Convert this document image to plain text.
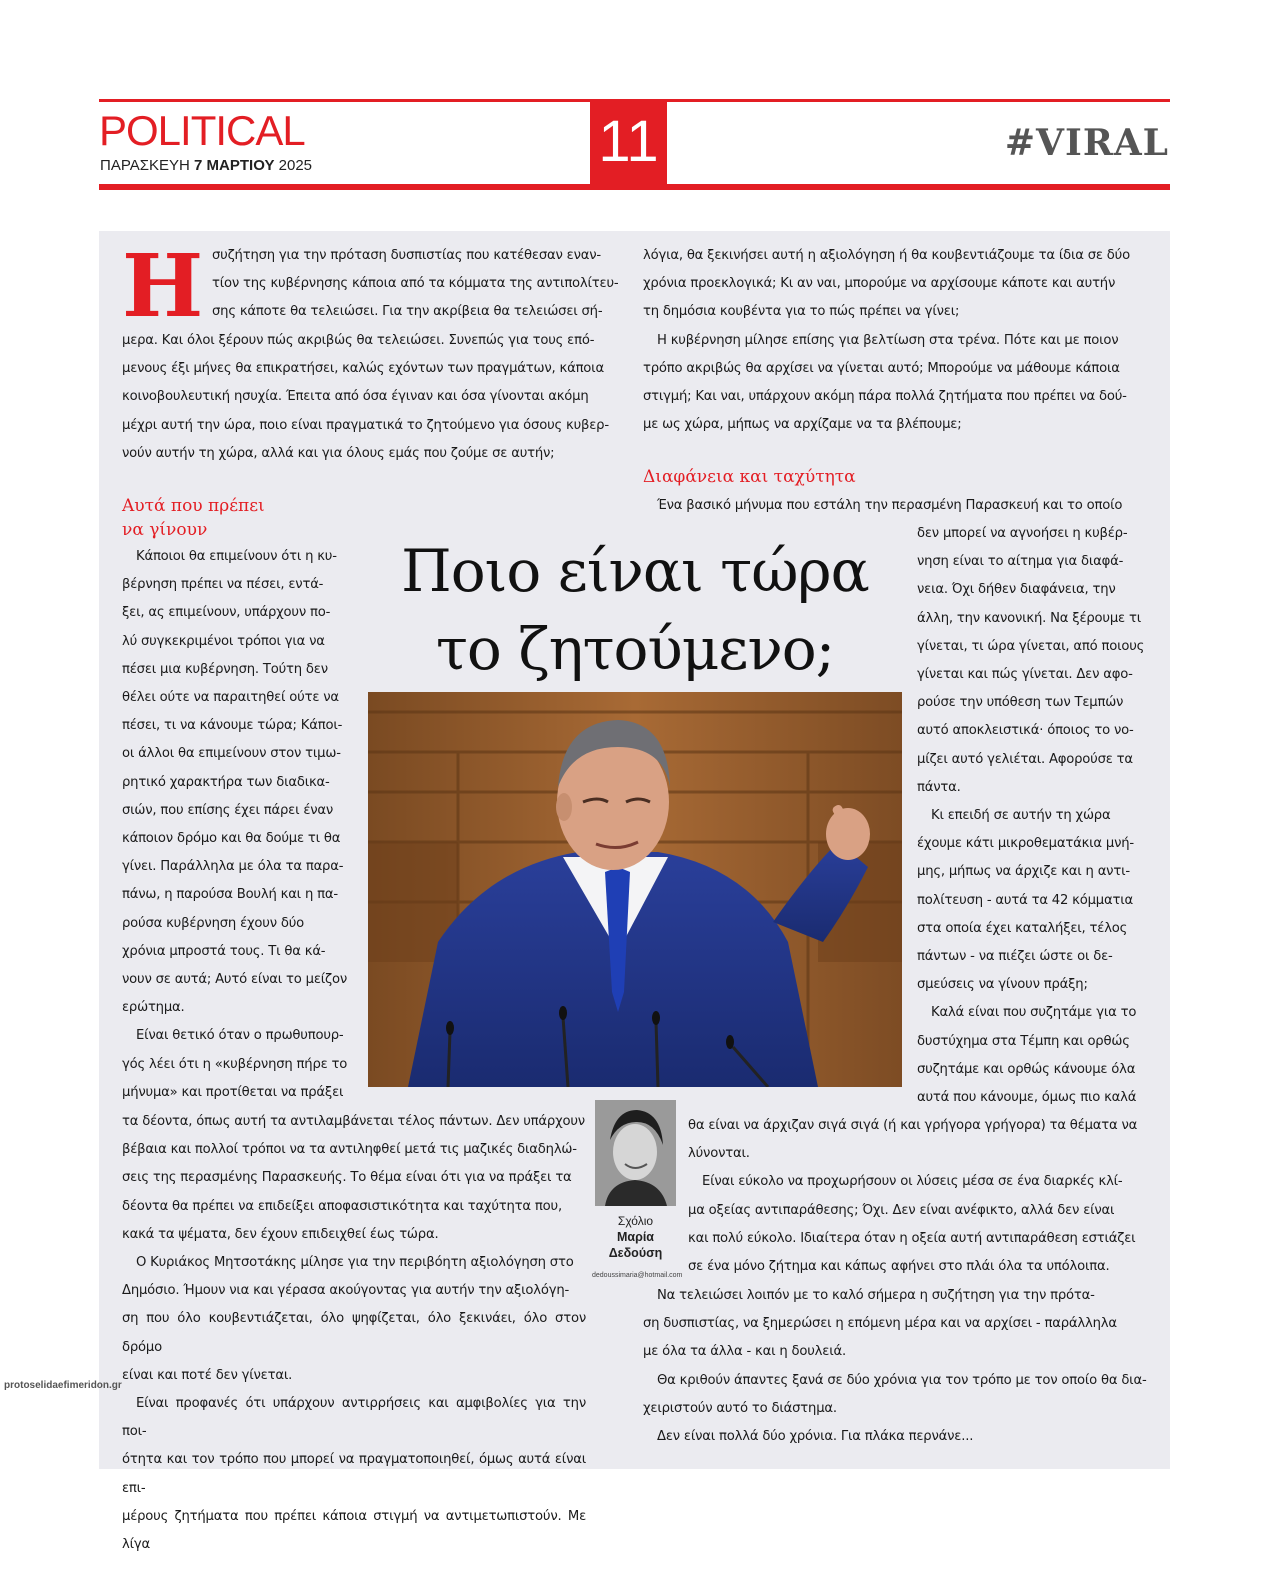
POLITICAL
ΠΑΡΑΣΚΕΥΗ 7 ΜΑΡΤΙΟΥ 2025	11	#VIRAL
Η συζήτηση για την πρόταση δυσπιστίας που κατέθεσαν εναν-

τίον της κυβέρνησης κάποια από τα κόμματα της αντιπολίτευ-

σης κάποτε θα τελειώσει. Για την ακρίβεια θα τελειώσει σή-

μερα. Και όλοι ξέρουν πώς ακριβώς θα τελειώσει. Συνεπώς για τους επό-

μενους έξι μήνες θα επικρατήσει, καλώς εχόντων των πραγμάτων, κάποια

κοινοβουλευτική ησυχία. Έπειτα από όσα έγιναν και όσα γίνονται ακόμη

μέχρι αυτή την ώρα, ποιο είναι πραγματικά το ζητούμενο για όσους κυβερ-

νούν αυτήν τη χώρα, αλλά και για όλους εμάς που ζούμε σε αυτήν;

Αυτά που πρέπει
να γίνουν

Κάποιοι θα επιμείνουν ότι η κυ-

βέρνηση πρέπει να πέσει, εντά-

ξει, ας επιμείνουν, υπάρχουν πο-

λύ συγκεκριμένοι τρόποι για να

πέσει μια κυβέρνηση. Τούτη δεν

θέλει ούτε να παραιτηθεί ούτε να

πέσει, τι να κάνουμε τώρα; Κάποι-

οι άλλοι θα επιμείνουν στον τιμω-

ρητικό χαρακτήρα των διαδικα-

σιών, που επίσης έχει πάρει έναν

κάποιον δρόμο και θα δούμε τι θα

γίνει. Παράλληλα με όλα τα παρα-

πάνω, η παρούσα Βουλή και η πα-

ρούσα κυβέρνηση έχουν δύο

χρόνια μπροστά τους. Τι θα κά-

νουν σε αυτά; Αυτό είναι το μείζον

ερώτημα.

Είναι θετικό όταν ο πρωθυπουρ-

γός λέει ότι η «κυβέρνηση πήρε το

μήνυμα» και προτίθεται να πράξει

τα δέοντα, όπως αυτή τα αντιλαμβάνεται τέλος πάντων. Δεν υπάρχουν

βέβαια και πολλοί τρόποι να τα αντιληφθεί μετά τις μαζικές διαδηλώ-

σεις της περασμένης Παρασκευής. Το θέμα είναι ότι για να πράξει τα

δέοντα θα πρέπει να επιδείξει αποφασιστικότητα και ταχύτητα που,

κακά τα ψέματα, δεν έχουν επιδειχθεί έως τώρα.

Ο Κυριάκος Μητσοτάκης μίλησε για την περιβόητη αξιολόγηση στο

Δημόσιο. Ήμουν νια και γέρασα ακούγοντας για αυτήν την αξιολόγη-

ση που όλο κουβεντιάζεται, όλο ψηφίζεται, όλο ξεκινάει, όλο στον δρόμο

είναι και ποτέ δεν γίνεται.

Είναι προφανές ότι υπάρχουν αντιρρήσεις και αμφιβολίες για την ποι-

ότητα και τον τρόπο που μπορεί να πραγματοποιηθεί, όμως αυτά είναι επι-

μέρους ζητήματα που πρέπει κάποια στιγμή να αντιμετωπιστούν. Με λίγα

λόγια, θα ξεκινήσει αυτή η αξιολόγηση ή θα κουβεντιάζουμε τα ίδια σε δύο

χρόνια προεκλογικά; Κι αν ναι, μπορούμε να αρχίσουμε κάποτε και αυτήν

τη δημόσια κουβέντα για το πώς πρέπει να γίνει;

Η κυβέρνηση μίλησε επίσης για βελτίωση στα τρένα. Πότε και με ποιον

τρόπο ακριβώς θα αρχίσει να γίνεται αυτό; Μπορούμε να μάθουμε κάποια

στιγμή; Και ναι, υπάρχουν ακόμη πάρα πολλά ζητήματα που πρέπει να δού-

με ως χώρα, μήπως να αρχίζαμε να τα βλέπουμε;

Διαφάνεια και ταχύτητα

Ένα βασικό μήνυμα που εστάλη την περασμένη Παρασκευή και το οποίο

δεν μπορεί να αγνοήσει η κυβέρ-

νηση είναι το αίτημα για διαφά-

νεια. Όχι δήθεν διαφάνεια, την

άλλη, την κανονική. Να ξέρουμε τι

γίνεται, τι ώρα γίνεται, από ποιους

γίνεται και πώς γίνεται. Δεν αφο-

ρούσε την υπόθεση των Τεμπών

αυτό αποκλειστικά· όποιος το νο-

μίζει αυτό γελιέται. Αφορούσε τα

πάντα.

Κι επειδή σε αυτήν τη χώρα

έχουμε κάτι μικροθεματάκια μνή-

μης, μήπως να άρχιζε και η αντι-

πολίτευση - αυτά τα 42 κόμματια

στα οποία έχει καταλήξει, τέλος

πάντων - να πιέζει ώστε οι δε-

σμεύσεις να γίνουν πράξη;

Καλά είναι που συζητάμε για το

δυστύχημα στα Τέμπη και ορθώς

συζητάμε και ορθώς κάνουμε όλα

αυτά που κάνουμε, όμως πιο καλά

θα είναι να άρχιζαν σιγά σιγά (ή και γρήγορα γρήγορα) τα θέματα να

λύνονται.

Είναι εύκολο να προχωρήσουν οι λύσεις μέσα σε ένα διαρκές κλί-

μα οξείας αντιπαράθεσης; Όχι. Δεν είναι ανέφικτο, αλλά δεν είναι

και πολύ εύκολο. Ιδιαίτερα όταν η οξεία αυτή αντιπαράθεση εστιάζει

σε ένα μόνο ζήτημα και κάπως αφήνει στο πλάι όλα τα υπόλοιπα.

Να τελειώσει λοιπόν με το καλό σήμερα η συζήτηση για την πρότα-

ση δυσπιστίας, να ξημερώσει η επόμενη μέρα και να αρχίσει - παράλληλα

με όλα τα άλλα - και η δουλειά.

Θα κριθούν άπαντες ξανά σε δύο χρόνια για τον τρόπο με τον οποίο θα δια-

χειριστούν αυτό το διάστημα.

Δεν είναι πολλά δύο χρόνια. Για πλάκα περνάνε...

Ποιο είναι τώρα
το ζητούμενο;
Σχόλιο
Μαρία
Δεδούση
dedoussimaria@hotmail.com
protoselidaefimeridon.gr
